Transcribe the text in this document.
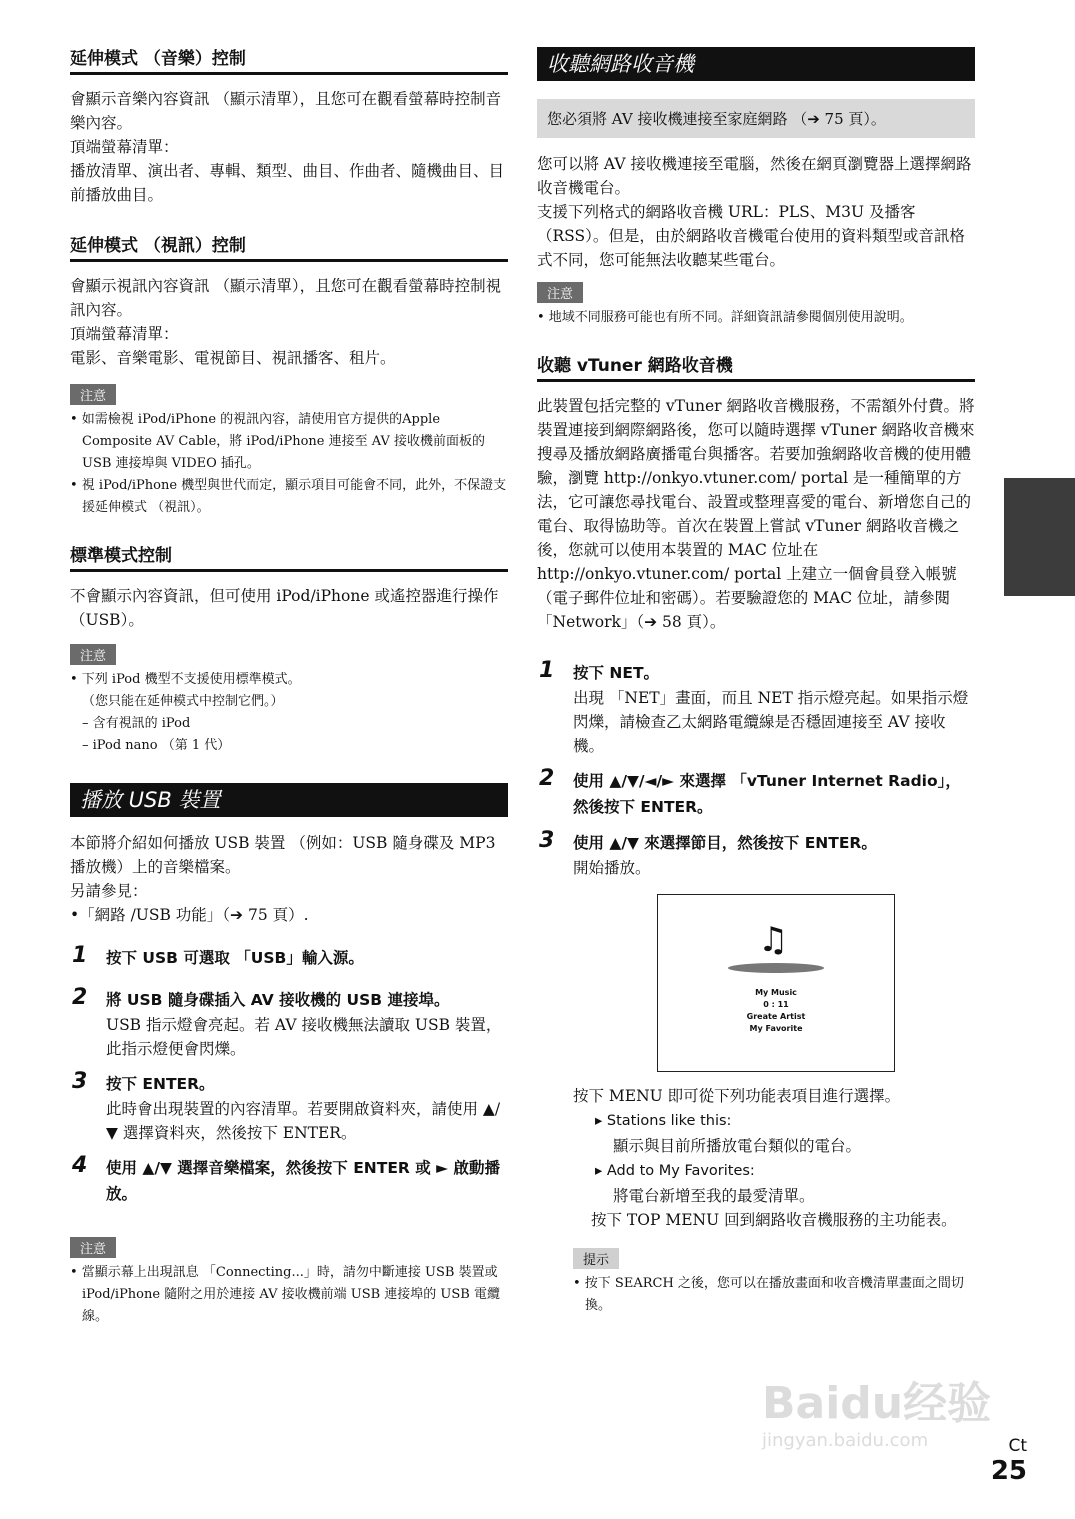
延伸模式 （音樂）控制

會顯示音樂內容資訊 （顯示清單），且您可在觀看螢幕時控制音樂內容。

頂端螢幕清單：

播放清單、演出者、專輯、類型、曲目、作曲者、隨機曲目、目前播放曲目。

延伸模式 （視訊）控制

會顯示視訊內容資訊 （顯示清單），且您可在觀看螢幕時控制視訊內容。

頂端螢幕清單：

電影、音樂電影、電視節目、視訊播客、租片。

注意

• 如需檢視 iPod/iPhone 的視訊內容，請使用官方提供的Apple Composite AV Cable，將 iPod/iPhone 連接至 AV 接收機前面板的 USB 連接埠與 VIDEO 插孔。

• 視 iPod/iPhone 機型與世代而定，顯示項目可能會不同，此外，不保證支援延伸模式 （視訊）。

標準模式控制

不會顯示內容資訊，但可使用 iPod/iPhone 或遙控器進行操作 （USB）。

注意

• 下列 iPod 機型不支援使用標準模式。

（您只能在延伸模式中控制它們。）

– 含有視訊的 iPod

– iPod nano （第 1 代）

播放 USB 裝置

本節將介紹如何播放 USB 裝置 （例如：USB 隨身碟及 MP3 播放機）上的音樂檔案。

另請參見：

•「網路 /USB 功能」（➔ 75 頁）.

1 按下 USB 可選取 「USB」輸入源。
2 將 USB 隨身碟插入 AV 接收機的 USB 連接埠。

USB 指示燈會亮起。若 AV 接收機無法讀取 USB 裝置，此指示燈便會閃爍。

3 按下 ENTER。

此時會出現裝置的內容清單。若要開啟資料夾，請使用 ▲/▼ 選擇資料夾，然後按下 ENTER。

4 使用 ▲/▼ 選擇音樂檔案，然後按下 ENTER 或 ► 啟動播放。
注意

• 當顯示幕上出現訊息 「Connecting...」時，請勿中斷連接 USB 裝置或 iPod/iPhone 隨附之用於連接 AV 接收機前端 USB 連接埠的 USB 電纜線。

收聽網路收音機
您必須將 AV 接收機連接至家庭網路 （➔ 75 頁）。

您可以將 AV 接收機連接至電腦，然後在網頁瀏覽器上選擇網路收音機電台。

支援下列格式的網路收音機 URL：PLS、M3U 及播客（RSS）。但是，由於網路收音機電台使用的資料類型或音訊格式不同，您可能無法收聽某些電台。

注意

• 地域不同服務可能也有所不同。詳細資訊請參閱個別使用說明。

收聽 vTuner 網路收音機

此裝置包括完整的 vTuner 網路收音機服務，不需額外付費。將裝置連接到網際網路後，您可以隨時選擇 vTuner 網路收音機來搜尋及播放網路廣播電台與播客。若要加強網路收音機的使用體驗，瀏覽 http://onkyo.vtuner.com/ portal 是一種簡單的方法，它可讓您尋找電台、設置或整理喜愛的電台、新增您自己的電台、取得協助等。首次在裝置上嘗試 vTuner 網路收音機之後，您就可以使用本裝置的 MAC 位址在 http://onkyo.vtuner.com/ portal 上建立一個會員登入帳號（電子郵件位址和密碼）。若要驗證您的 MAC 位址，請參閱 「Network」（➔ 58 頁）。

1 按下 NET。

出現 「NET」畫面，而且 NET 指示燈亮起。如果指示燈閃爍，請檢查乙太網路電纜線是否穩固連接至 AV 接收機。

2 使用 ▲/▼/◄/► 來選擇 「vTuner Internet Radio」，然後按下 ENTER。
3 使用 ▲/▼ 來選擇節目，然後按下 ENTER。

開始播放。

♫
My Music
0 : 11
Greate Artist
My Favorite

按下 MENU 即可從下列功能表項目進行選擇。

▸ Stations like this:

顯示與目前所播放電台類似的電台。

▸ Add to My Favorites:

將電台新增至我的最愛清單。

按下 TOP MENU 回到網路收音機服務的主功能表。

提示

• 按下 SEARCH 之後，您可以在播放畫面和收音機清單畫面之間切換。

Baidu经验
jingyan.baidu.com	Ct
25
